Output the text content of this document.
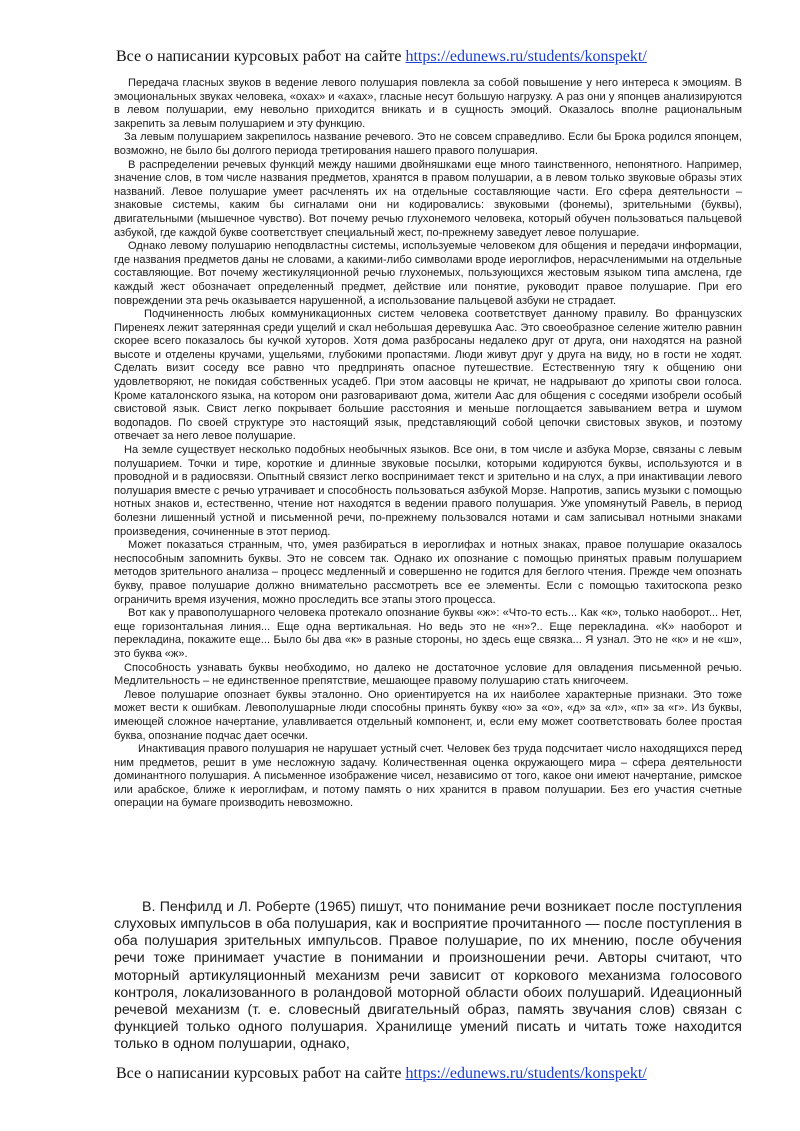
Все о написании курсовых работ на сайте https://edunews.ru/students/konspekt/

Передача гласных звуков в ведение левого полушария повлекла за собой повышение у него интереса к эмоциям. В эмоциональных звуках человека, «охах» и «ахах», гласные несут большую нагрузку. А раз они у японцев анализируются в левом полушарии, ему невольно приходится вникать и в сущность эмоций. Оказалось вполне рациональным закрепить за левым полушарием и эту функцию.

За левым полушарием закрепилось название речевого. Это не совсем справедливо. Если бы Брока родился японцем, возможно, не было бы долгого периода третирования нашего правого полушария.

В распределении речевых функций между нашими двойняшками еще много таинственного, непонятного. Например, значение слов, в том числе названия предметов, хранятся в правом полушарии, а в левом только звуковые образы этих названий. Левое полушарие умеет расчленять их на отдельные составляющие части. Его сфера деятельности – знаковые системы, каким бы сигналами они ни кодировались: звуковыми (фонемы), зрительными (буквы), двигательными (мышечное чувство). Вот почему речью глухонемого человека, который обучен пользоваться пальцевой азбукой, где каждой букве соответствует специальный жест, по-прежнему заведует левое полушарие.

Однако левому полушарию неподвластны системы, используемые человеком для общения и передачи информации, где названия предметов даны не словами, а какими-либо символами вроде иероглифов, нерасчленимыми на отдельные составляющие. Вот почему жестикуляционной речью глухонемых, пользующихся жестовым языком типа амслена, где каждый жест обозначает определенный предмет, действие или понятие, руководит правое полушарие. При его повреждении эта речь оказывается нарушенной, а использование пальцевой азбуки не страдает.

Подчиненность любых коммуникационных систем человека соответствует данному правилу. Во французских Пиренеях лежит затерянная среди ущелий и скал небольшая деревушка Аас. Это своеобразное селение жителю равнин скорее всего показалось бы кучкой хуторов. Хотя дома разбросаны недалеко друг от друга, они находятся на разной высоте и отделены кручами, ущельями, глубокими пропастями. Люди живут друг у друга на виду, но в гости не ходят. Сделать визит соседу все равно что предпринять опасное путешествие. Естественную тягу к общению они удовлетворяют, не покидая собственных усадеб. При этом аасовцы не кричат, не надрывают до хрипоты свои голоса. Кроме каталонского языка, на котором они разговаривают дома, жители Аас для общения с соседями изобрели особый свистовой язык. Свист легко покрывает большие расстояния и меньше поглощается завыванием ветра и шумом водопадов. По своей структуре это настоящий язык, представляющий собой цепочки свистовых звуков, и поэтому отвечает за него левое полушарие.

На земле существует несколько подобных необычных языков. Все они, в том числе и азбука Морзе, связаны с левым полушарием. Точки и тире, короткие и длинные звуковые посылки, которыми кодируются буквы, используются и в проводной и в радиосвязи. Опытный связист легко воспринимает текст и зрительно и на слух, а при инактивации левого полушария вместе с речью утрачивает и способность пользоваться азбукой Морзе. Напротив, запись музыки с помощью нотных знаков и, естественно, чтение нот находятся в ведении правого полушария. Уже упомянутый Равель, в период болезни лишенный устной и письменной речи, по-прежнему пользовался нотами и сам записывал нотными знаками произведения, сочиненные в этот период.

Может показаться странным, что, умея разбираться в иероглифах и нотных знаках, правое полушарие оказалось неспособным запомнить буквы. Это не совсем так. Однако их опознание с помощью принятых правым полушарием методов зрительного анализа – процесс медленный и совершенно не годится для беглого чтения. Прежде чем опознать букву, правое полушарие должно внимательно рассмотреть все ее элементы. Если с помощью тахитоскопа резко ограничить время изучения, можно проследить все этапы этого процесса.

Вот как у правополушарного человека протекало опознание буквы «ж»: «Что-то есть... Как «к», только наоборот... Нет, еще горизонтальная линия... Еще одна вертикальная. Но ведь это не «н»?.. Еще перекладина. «К» наоборот и перекладина, покажите еще... Было бы два «к» в разные стороны, но здесь еще связка... Я узнал. Это не «к» и не «ш», это буква «ж».

Способность узнавать буквы необходимо, но далеко не достаточное условие для овладения письменной речью. Медлительность – не единственное препятствие, мешающее правому полушарию стать книгочеем.

Левое полушарие опознает буквы эталонно. Оно ориентируется на их наиболее характерные признаки. Это тоже может вести к ошибкам. Левополушарные люди способны принять букву «ю» за «о», «д» за «л», «п» за «г». Из буквы, имеющей сложное начертание, улавливается отдельный компонент, и, если ему может соответствовать более простая буква, опознание подчас дает осечки.

Инактивация правого полушария не нарушает устный счет. Человек без труда подсчитает число находящихся перед ним предметов, решит в уме несложную задачу. Количественная оценка окружающего мира – сфера деятельности доминантного полушария. А письменное изображение чисел, независимо от того, какое они имеют начертание, римское или арабское, ближе к иероглифам, и потому память о них хранится в правом полушарии. Без его участия счетные операции на бумаге производить невозможно.

В. Пенфилд и Л. Роберте (1965) пишут, что понимание речи возникает после поступления слуховых импульсов в оба полушария, как и восприятие прочитанного — после поступления в оба полушария зрительных импульсов. Правое полушарие, по их мнению, после обучения речи тоже принимает участие в понимании и произношении речи. Авторы считают, что моторный артикуляционный механизм речи зависит от коркового механизма голосового контроля, локализованного в роландовой моторной области обоих полушарий. Идеационный речевой механизм (т. е. словесный двигательный образ, память звучания слов) связан с функцией только одного полушария. Хранилище умений писать и читать тоже находится только в одном полушарии, однако,

Все о написании курсовых работ на сайте https://edunews.ru/students/konspekt/
